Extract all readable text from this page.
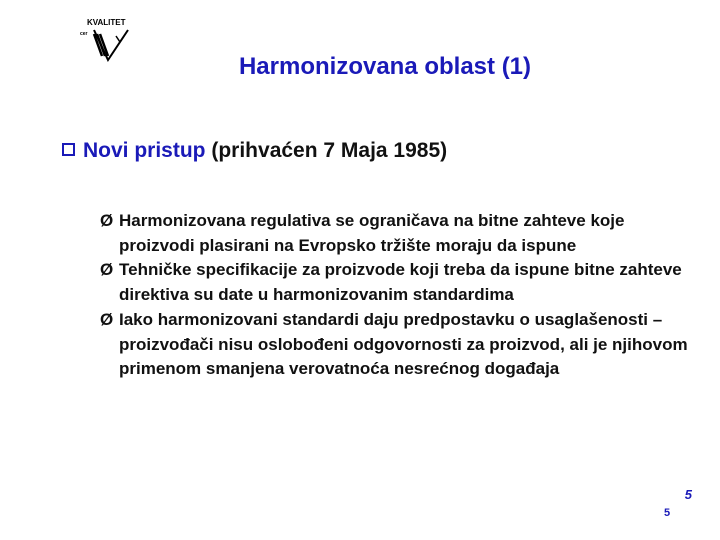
KVALITET
cer
Harmonizovana oblast (1)
Novi pristup (prihvaćen 7 Maja 1985)
Ø Harmonizovana regulativa se ograničava na bitne zahteve koje proizvodi plasirani na Evropsko tržište moraju da ispune
Ø Tehničke specifikacije za proizvode koji treba da ispune bitne zahteve direktiva su date u harmonizovanim standardima
Ø Iako harmonizovani standardi daju predpostavku o usaglašenosti –proizvođači nisu oslobođeni odgovornosti za proizvod, ali je njihovom primenom smanjena verovatnoća nesrećnog događaja
5
5
